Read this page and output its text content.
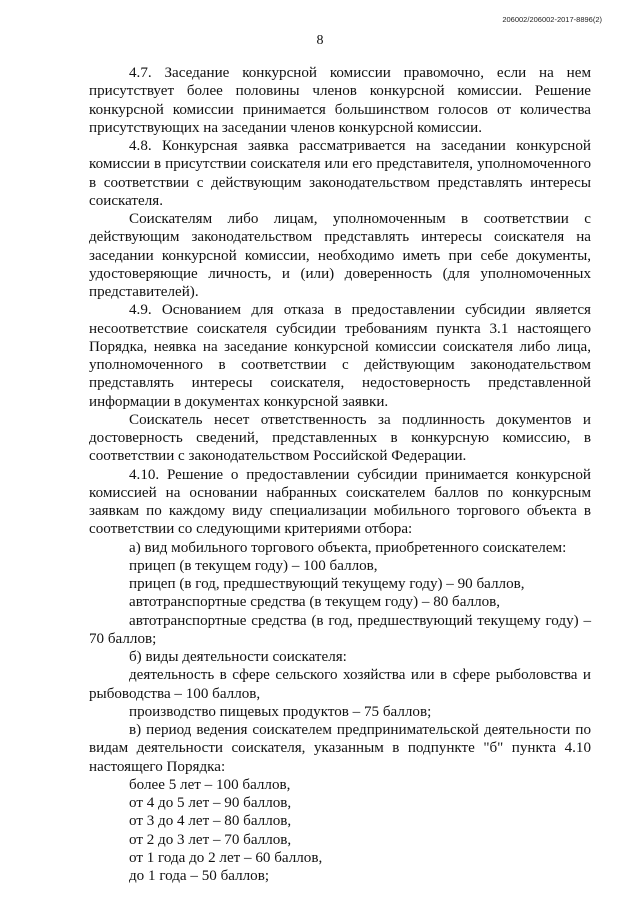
206002/206002-2017-8896(2)
8

4.7. Заседание конкурсной комиссии правомочно, если на нем присутствует более половины членов конкурсной комиссии. Решение конкурсной комиссии принимается большинством голосов от количества присутствующих на заседании членов конкурсной комиссии.

4.8. Конкурсная заявка рассматривается на заседании конкурсной комиссии в присутствии соискателя или его представителя, уполномоченного в соответствии с действующим законодательством представлять интересы соискателя.

Соискателям либо лицам, уполномоченным в соответствии с действующим законодательством представлять интересы соискателя на заседании конкурсной комиссии, необходимо иметь при себе документы, удостоверяющие личность, и (или) доверенность (для уполномоченных представителей).

4.9. Основанием для отказа в предоставлении субсидии является несоответствие соискателя субсидии требованиям пункта 3.1 настоящего Порядка, неявка на заседание конкурсной комиссии соискателя либо лица, уполномоченного в соответствии с действующим законодательством представлять интересы соискателя, недостоверность представленной информации в документах конкурсной заявки.

Соискатель несет ответственность за подлинность документов и достоверность сведений, представленных в конкурсную комиссию, в соответствии с законодательством Российской Федерации.

4.10. Решение о предоставлении субсидии принимается конкурсной комиссией на основании набранных соискателем баллов по конкурсным заявкам по каждому виду специализации мобильного торгового объекта в соответствии со следующими критериями отбора:

а) вид мобильного торгового объекта, приобретенного соискателем:

прицеп (в текущем году) – 100 баллов,

прицеп (в год, предшествующий текущему году) – 90 баллов,

автотранспортные средства (в текущем году) – 80 баллов,

автотранспортные средства (в год, предшествующий текущему году) – 70 баллов;

б) виды деятельности соискателя:

деятельность в сфере сельского хозяйства или в сфере рыболовства и рыбоводства – 100 баллов,

производство пищевых продуктов – 75 баллов;

в) период ведения соискателем предпринимательской деятельности по видам деятельности соискателя, указанным в подпункте "б" пункта 4.10 настоящего Порядка:

более 5 лет – 100 баллов,

от 4 до 5 лет – 90 баллов,

от 3 до 4 лет – 80 баллов,

от 2 до 3 лет – 70 баллов,

от 1 года до 2 лет – 60 баллов,

до 1 года – 50 баллов;
